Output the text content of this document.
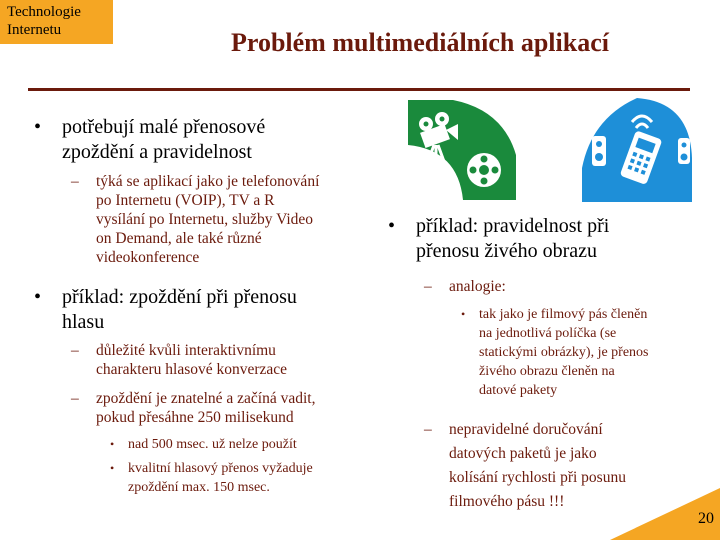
Technologie
Internetu	Problém multimediálních aplikací
• potřebují malé přenosové
zpoždění a pravidelnost
– týká se aplikací jako je telefonování
po Internetu (VOIP), TV a R
vysílání po Internetu, služby Video
on Demand, ale také různé
videokonference
• příklad: zpoždění při přenosu
hlasu
– důležité kvůli interaktivnímu
charakteru hlasové konverzace
– zpoždění je znatelné a začíná vadit,
pokud přesáhne 250 milisekund
• nad 500 msec. už nelze použít
• kvalitní hlasový přenos vyžaduje
zpoždění max. 150 msec.
• příklad: pravidelnost při
přenosu živého obrazu
– analogie:
• tak jako je filmový pás členěn
na jednotlivá políčka (se
statickými obrázky), je přenos
živého obrazu členěn na
datové pakety
– nepravidelné doručování
datových paketů je jako
kolísání rychlosti při posunu
filmového pásu !!!
20
